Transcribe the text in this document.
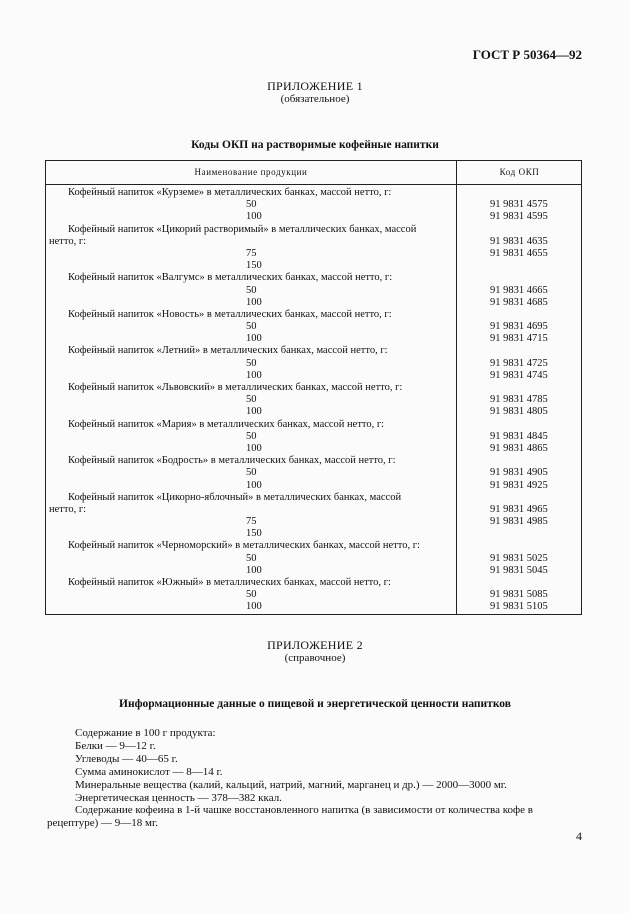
ГОСТ Р 50364—92
ПРИЛОЖЕНИЕ 1
(обязательное)
Коды ОКП на растворимые кофейные напитки
Наименование продукции	Код ОКП
Кофейный напиток «Курземе» в металлических банках, массой нетто, г:
50	91 9831 4575
100	91 9831 4595
Кофейный напиток «Цикорий растворимый» в металлических банках, массой
нетто, г:	91 9831 4635
75	91 9831 4655
150
Кофейный напиток «Валгумс» в металлических банках, массой нетто, г:
50	91 9831 4665
100	91 9831 4685
Кофейный напиток «Новость» в металлических банках, массой нетто, г:
50	91 9831 4695
100	91 9831 4715
Кофейный напиток «Летний» в металлических банках, массой нетто, г:
50	91 9831 4725
100	91 9831 4745
Кофейный напиток «Львовский» в металлических банках, массой нетто, г:
50	91 9831 4785
100	91 9831 4805
Кофейный напиток «Мария» в металлических банках, массой нетто, г:
50	91 9831 4845
100	91 9831 4865
Кофейный напиток «Бодрость» в металлических банках, массой нетто, г:
50	91 9831 4905
100	91 9831 4925
Кофейный напиток «Цикорно-яблочный» в металлических банках, массой
нетто, г:	91 9831 4965
75	91 9831 4985
150
Кофейный напиток «Черноморский» в металлических банках, массой нетто, г:
50	91 9831 5025
100	91 9831 5045
Кофейный напиток «Южный» в металлических банках, массой нетто, г:
50	91 9831 5085
100	91 9831 5105
ПРИЛОЖЕНИЕ 2
(справочное)
Информационные данные о пищевой и энергетической ценности напитков
Содержание в 100 г продукта:
Белки — 9—12 г.
Углеводы — 40—65 г.
Сумма аминокислот — 8—14 г.
Минеральные вещества (калий, кальций, натрий, магний, марганец и др.) — 2000—3000 мг.
Энергетическая ценность — 378—382 ккал.
Содержание кофеина в 1-й чашке восстановленного напитка (в зависимости от количества кофе в
рецептуре) — 9—18 мг.
4
